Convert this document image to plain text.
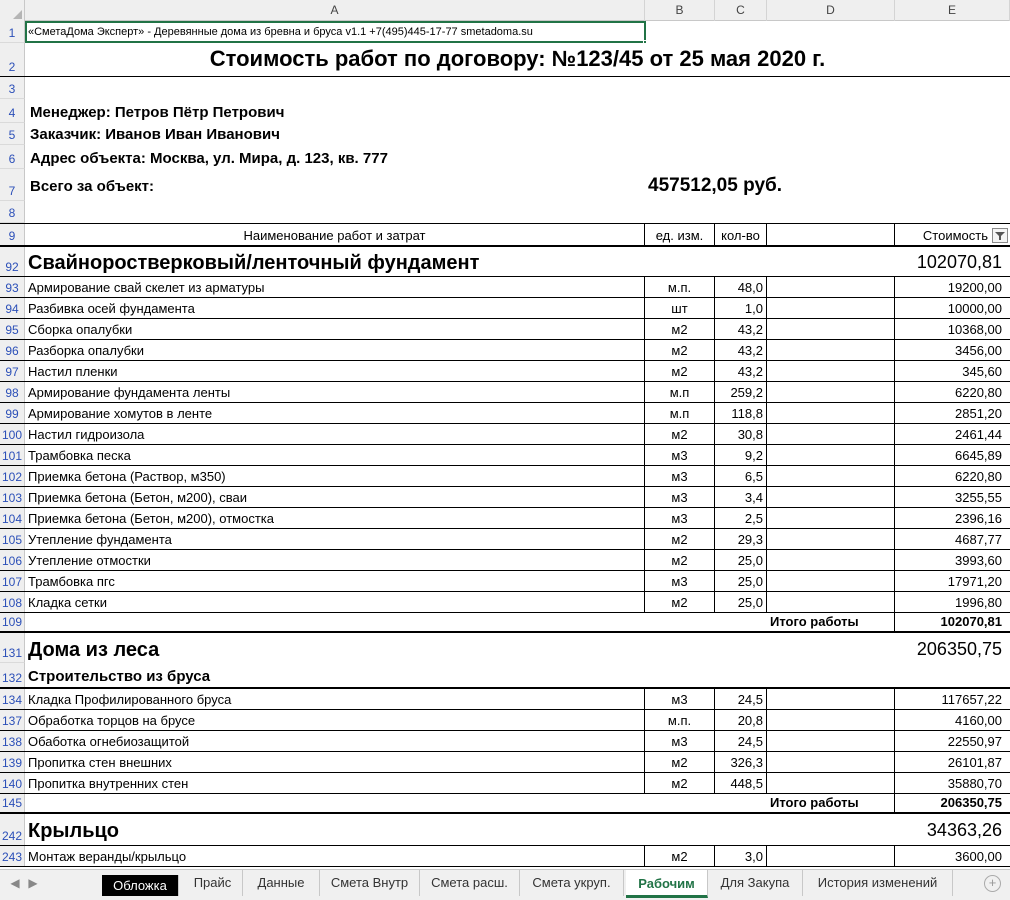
A	B	C	D	E
1	«СметаДома Эксперт» - Деревянные дома из бревна и бруса v1.1 +7(495)445-17-77 smetadoma.su
2	Стоимость работ по договору: №123/45 от 25 мая 2020 г.
3
4 Менеджер: Петров Пётр Петрович
5 Заказчик: Иванов Иван Иванович
6 Адрес объекта: Москва, ул. Мира, д. 123, кв. 777
7 Всего за объект:	457512,05 руб.
8
9	Наименование работ и затрат	ед. изм.	кол-во	Стоимость
92 Свайноростверковый/ленточный фундамент	102070,81
93 Армирование свай скелет из арматуры	м.п.	48,0	19200,00
94 Разбивка осей фундамента	шт	1,0	10000,00
95 Сборка опалубки	м2	43,2	10368,00
96 Разборка опалубки	м2	43,2	3456,00
97 Настил пленки	м2	43,2	345,60
98 Армирование фундамента ленты	м.п	259,2	6220,80
99 Армирование хомутов в ленте	м.п	118,8	2851,20
100 Настил гидроизола	м2	30,8	2461,44
101 Трамбовка песка	м3	9,2	6645,89
102 Приемка бетона (Раствор, м350)	м3	6,5	6220,80
103 Приемка бетона (Бетон, м200), сваи	м3	3,4	3255,55
104 Приемка бетона (Бетон, м200), отмостка	м3	2,5	2396,16
105 Утепление фундамента	м2	29,3	4687,77
106 Утепление отмостки	м2	25,0	3993,60
107 Трамбовка пгс	м3	25,0	17971,20
108 Кладка сетки	м2	25,0	1996,80
109	Итого работы	102070,81
131 Дома из леса	206350,75
132 Строительство из бруса
134 Кладка Профилированного бруса	м3	24,5	117657,22
137 Обработка торцов на брусе	м.п.	20,8	4160,00
138 Обаботка огнебиозащитой	м3	24,5	22550,97
139 Пропитка стен внешних	м2	326,3	26101,87
140 Пропитка внутренних стен	м2	448,5	35880,70
145	Итого работы	206350,75
242 Крыльцо	34363,26
243 Монтаж веранды/крыльцо	м2	3,0	3600,00
◀ ▶	Обложка	Прайс	Данные	Смета Внутр	Смета расш.	Смета укруп.	Рабочим	Для Закупа	История изменений	+
